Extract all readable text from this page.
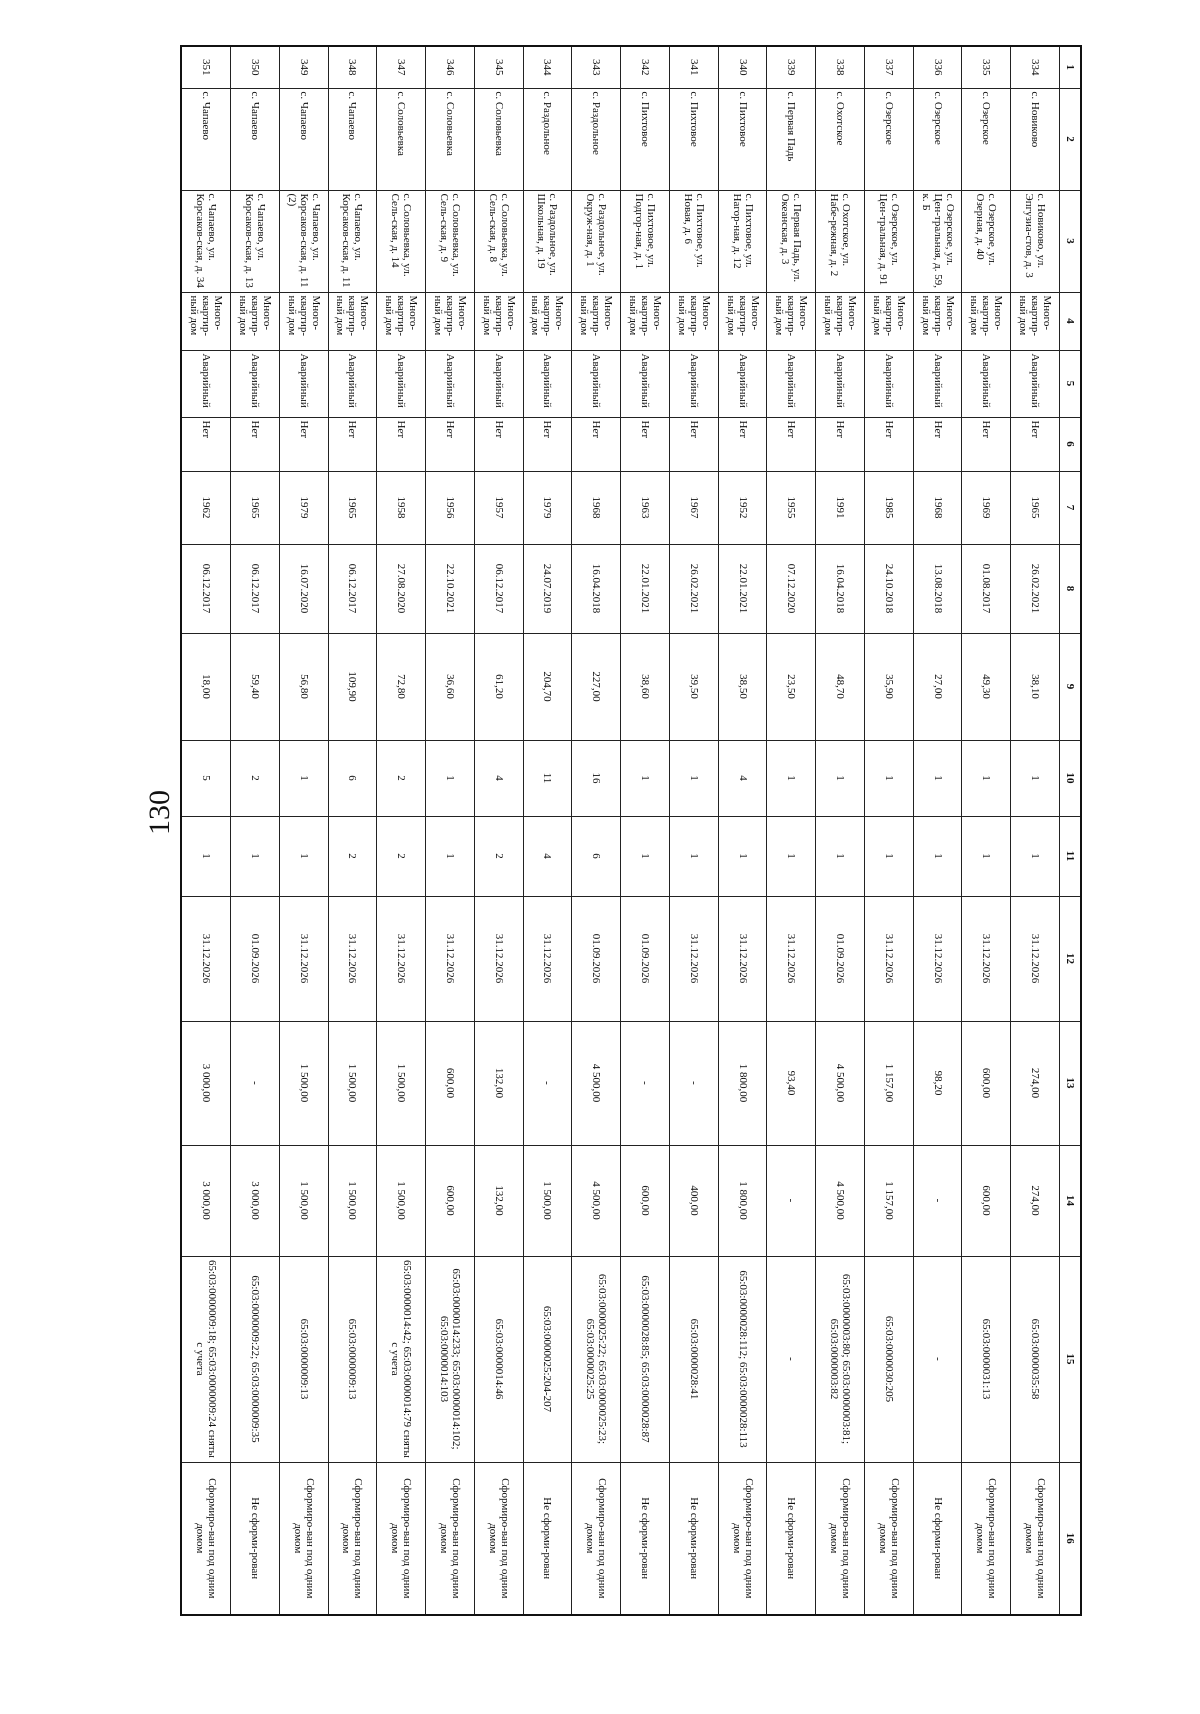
130
1	2	3	4	5	6	7	8	9	10	11	12	13	14	15	16
334	с. Новиково	с. Новиково, ул. Эпгузиа-стов, д. 3	Много-квартир-ный дом	Аварийный	Нет	1965	26.02.2021	38,10	1	1	31.12.2026	274,00	274,00	65:03:0000035:58	Сформиро-ван под одним домом
335	с. Озерское	с. Озерское, ул. Озерная, д. 40	Много-квартир-ный дом	Аварийный	Нет	1969	01.08.2017	49,30	1	1	31.12.2026	600,00	600,00	65:03:0000031:13	Сформиро-ван под одним домом
336	с. Озерское	с. Озерское, ул. Цен-тральная, д. 59, к. Б	Много-квартир-ный дом	Аварийный	Нет	1968	13.08.2018	27,00	1	1	31.12.2026	98,20	-	-	Не сформи-рован
337	с. Озерское	с. Озерское, ул. Цен-тральная, д. 91	Много-квартир-ный дом	Аварийный	Нет	1985	24.10.2018	35,90	1	1	31.12.2026	1 157,00	1 157,00	65:03:0000030:205	Сформиро-ван под одним домом
338	с. Охотское	с. Охотское, ул. Набе-режная, д. 2	Много-квартир-ный дом	Аварийный	Нет	1991	16.04.2018	48,70	1	1	01.09.2026	4 500,00	4 500,00	65:03:0000003:80; 65:03:0000003:81; 65:03:0000003:82	Сформиро-ван под одним домом
339	с. Первая Падь	с. Первая Падь, ул. Океанская, д. 3	Много-квартир-ный дом	Аварийный	Нет	1955	07.12.2020	23,50	1	1	31.12.2026	93,40	-	-	Не сформи-рован
340	с. Пихтовое	с. Пихтовое, ул. Нагор-ная, д. 12	Много-квартир-ный дом	Аварийный	Нет	1952	22.01.2021	38,50	4	1	31.12.2026	1 800,00	1 800,00	65:03:0000028:112; 65:03:0000028:113	Сформиро-ван под одним домом
341	с. Пихтовое	с. Пихтовое, ул. Новая, д. 6	Много-квартир-ный дом	Аварийный	Нет	1967	26.02.2021	39,50	1	1	31.12.2026	-	400,00	65:03:0000028:41	Не сформи-рован
342	с. Пихтовое	с. Пихтовое, ул. Подгор-ная, д. 1	Много-квартир-ный дом	Аварийный	Нет	1963	22.01.2021	38,60	1	1	01.09.2026	-	600,00	65:03:0000028:85; 65:03:0000028:87	Не сформи-рован
343	с. Раздольное	с. Раздольное, ул. Окруж-ная, д. 1	Много-квартир-ный дом	Аварийный	Нет	1968	16.04.2018	227,00	16	6	01.09.2026	4 500,00	4 500,00	65:03:0000025:22; 65:03:0000025:23; 65:03:0000025:25	Сформиро-ван под одним домом
344	с. Раздольное	с. Раздольное, ул. Школьная, д. 19	Много-квартир-ный дом	Аварийный	Нет	1979	24.07.2019	204,70	11	4	31.12.2026	-	1 500,00	65:03:0000025:204-207	Не сформи-рован
345	с. Соловьевка	с. Соловьевка, ул. Сель-ская, д. 8	Много-квартир-ный дом	Аварийный	Нет	1957	06.12.2017	61,20	4	2	31.12.2026	132,00	132,00	65:03:0000014:46	Сформиро-ван под одним домом
346	с. Соловьевка	с. Соловьевка, ул. Сель-ская, д. 9	Много-квартир-ный дом	Аварийный	Нет	1956	22.10.2021	36,60	1	1	31.12.2026	600,00	600,00	65:03:0000014:233; 65:03:0000014:102; 65:03:0000014:103	Сформиро-ван под одним домом
347	с. Соловьевка	с. Соловьевка, ул. Сель-ская, д. 14	Много-квартир-ный дом	Аварийный	Нет	1958	27.08.2020	72,80	2	2	31.12.2026	1 500,00	1 500,00	65:03:0000014:42; 65:03:0000014:79 сняты с учета	Сформиро-ван под одним домом
348	с. Чапаево	с. Чапаево, ул. Корсаков-ская, д. 11	Много-квартир-ный дом	Аварийный	Нет	1965	06.12.2017	109,90	6	2	31.12.2026	1 500,00	1 500,00	65:03:0000009:13	Сформиро-ван под одним домом
349	с. Чапаево	с. Чапаево, ул. Корсаков-ская, д. 11 (2)	Много-квартир-ный дом	Аварийный	Нет	1979	16.07.2020	56,80	1	1	31.12.2026	1 500,00	1 500,00	65:03:0000009:13	Сформиро-ван под одним домом
350	с. Чапаево	с. Чапаево, ул. Корсаков-ская, д. 13	Много-квартир-ный дом	Аварийный	Нет	1965	06.12.2017	59,40	2	1	01.09.2026	-	3 000,00	65:03:0000009:22; 65:03:0000009:35	Не сформи-рован
351	с. Чапаево	с. Чапаево, ул. Корсаков-ская, д. 34	Много-квартир-ный дом	Аварийный	Нет	1962	06.12.2017	18,00	5	1	31.12.2026	3 000,00	3 000,00	65:03:0000009:18; 65:03:0000009:24 сняты с учета	Сформиро-ван под одним домом
